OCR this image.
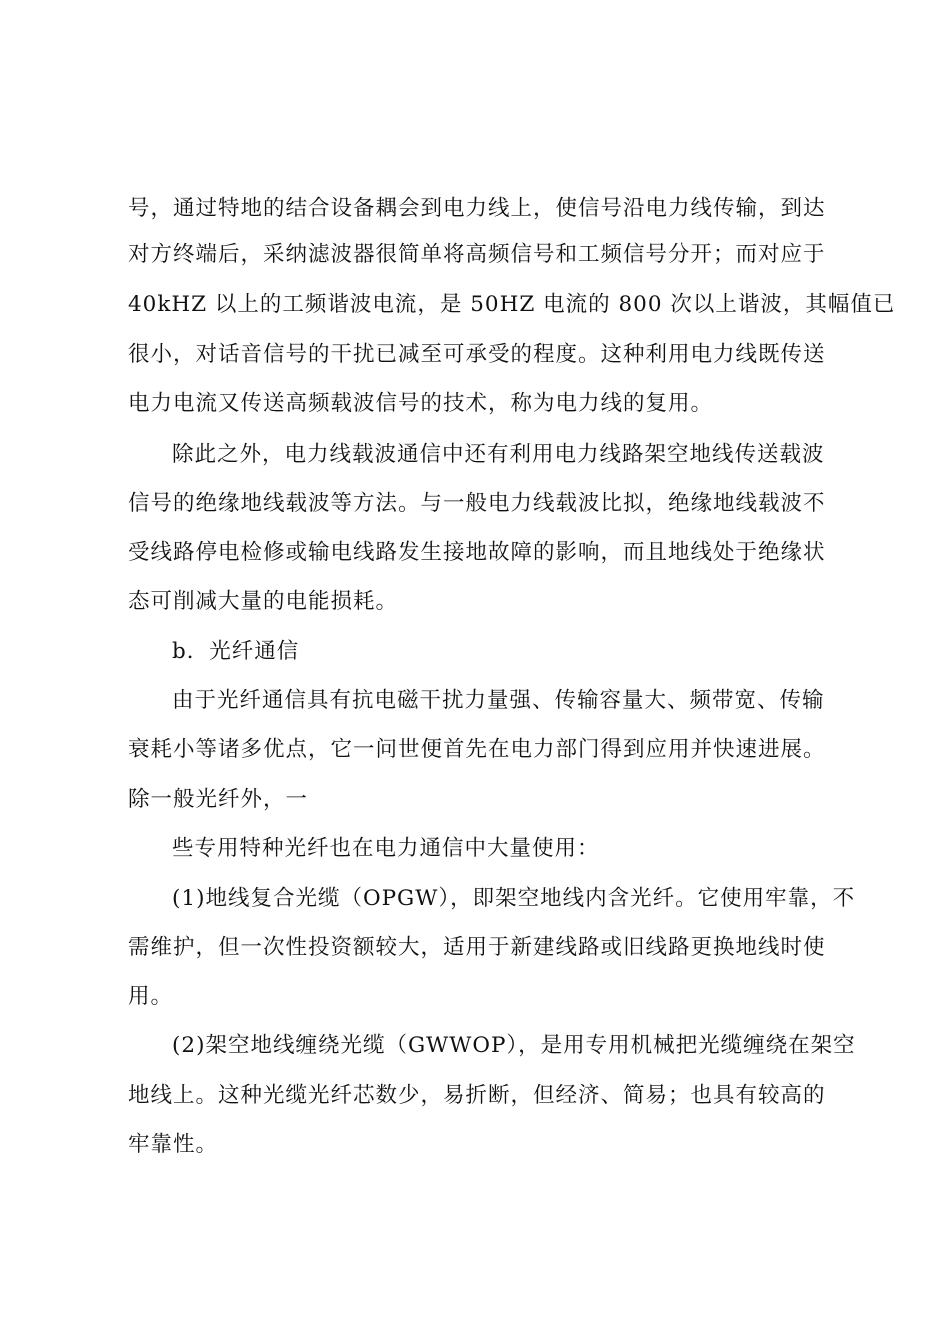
号，通过特地的结合设备耦会到电力线上，使信号沿电力线传输，到达
对方终端后，采纳滤波器很简单将高频信号和工频信号分开；而对应于
40kHZ 以上的工频谐波电流，是 50HZ 电流的 800 次以上谐波，其幅值已
很小，对话音信号的干扰已减至可承受的程度。这种利用电力线既传送
电力电流又传送高频载波信号的技术，称为电力线的复用。
除此之外，电力线载波通信中还有利用电力线路架空地线传送载波
信号的绝缘地线载波等方法。与一般电力线载波比拟，绝缘地线载波不
受线路停电检修或输电线路发生接地故障的影响，而且地线处于绝缘状
态可削减大量的电能损耗。
b．光纤通信
由于光纤通信具有抗电磁干扰力量强、传输容量大、频带宽、传输
衰耗小等诸多优点，它一问世便首先在电力部门得到应用并快速进展。
除一般光纤外，一
些专用特种光纤也在电力通信中大量使用：
(1)地线复合光缆（OPGW），即架空地线内含光纤。它使用牢靠，不
需维护，但一次性投资额较大，适用于新建线路或旧线路更换地线时使
用。
(2)架空地线缠绕光缆（GWWOP），是用专用机械把光缆缠绕在架空
地线上。这种光缆光纤芯数少，易折断，但经济、简易；也具有较高的
牢靠性。
